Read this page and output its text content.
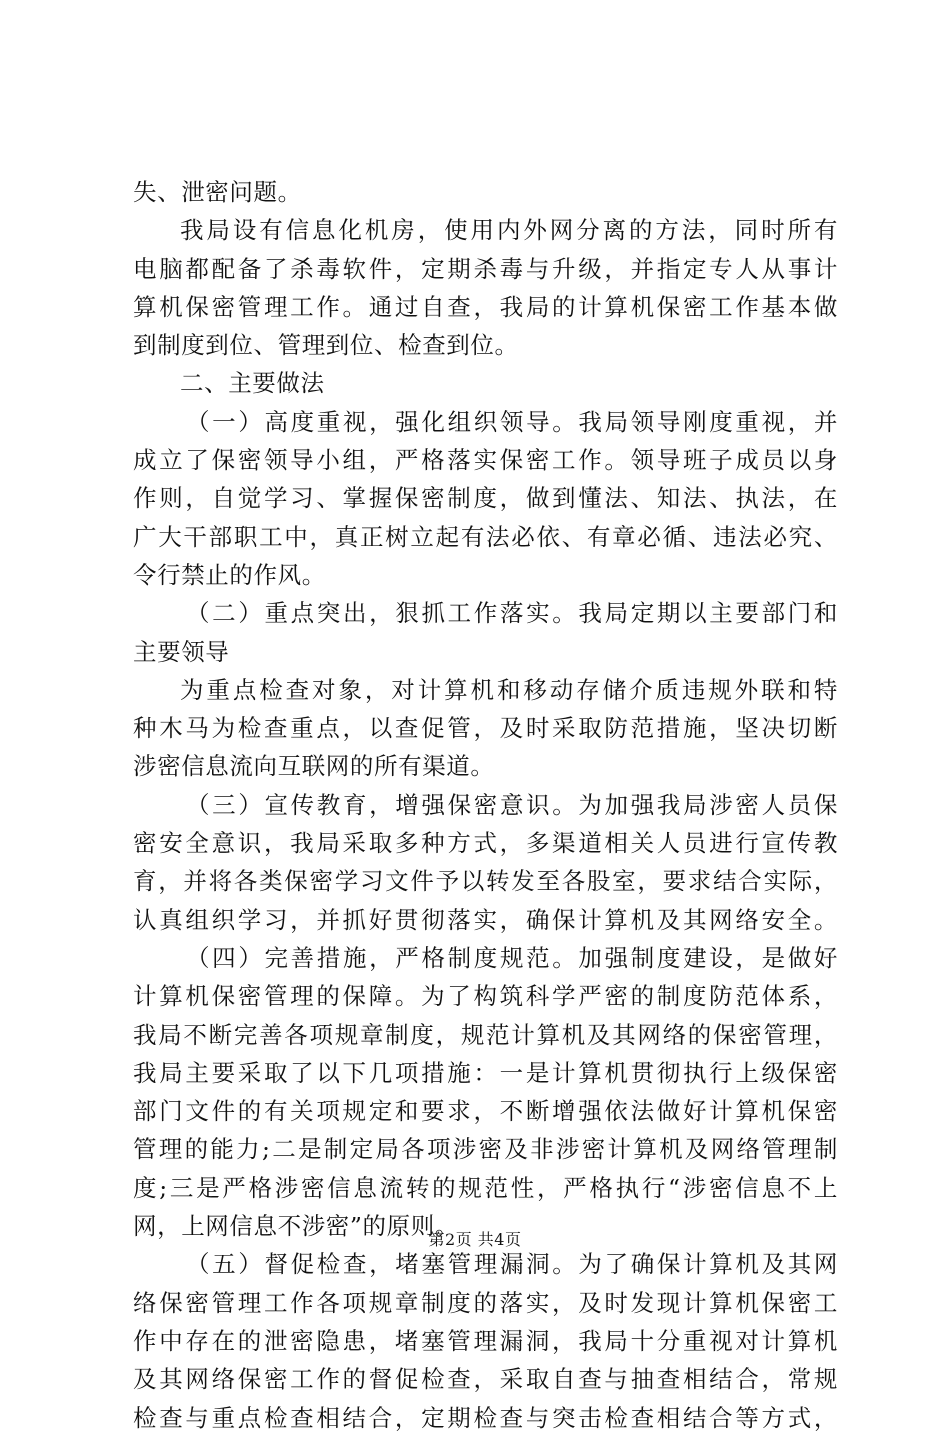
失、泄密问题。
我局设有信息化机房，使用内外网分离的方法，同时所有
电脑都配备了杀毒软件，定期杀毒与升级，并指定专人从事计
算机保密管理工作。通过自查，我局的计算机保密工作基本做
到制度到位、管理到位、检查到位。
二、主要做法
（一）高度重视，强化组织领导。我局领导刚度重视，并
成立了保密领导小组，严格落实保密工作。领导班子成员以身
作则，自觉学习、掌握保密制度，做到懂法、知法、执法，在
广大干部职工中，真正树立起有法必依、有章必循、违法必究、
令行禁止的作风。
（二）重点突出，狠抓工作落实。我局定期以主要部门和
主要领导
为重点检查对象，对计算机和移动存储介质违规外联和特
种木马为检查重点，以查促管，及时采取防范措施，坚决切断
涉密信息流向互联网的所有渠道。
（三）宣传教育，增强保密意识。为加强我局涉密人员保
密安全意识，我局采取多种方式，多渠道相关人员进行宣传教
育，并将各类保密学习文件予以转发至各股室，要求结合实际，
认真组织学习，并抓好贯彻落实，确保计算机及其网络安全。
（四）完善措施，严格制度规范。加强制度建设，是做好
计算机保密管理的保障。为了构筑科学严密的制度防范体系，
我局不断完善各项规章制度，规范计算机及其网络的保密管理，
我局主要采取了以下几项措施：一是计算机贯彻执行上级保密
部门文件的有关项规定和要求，不断增强依法做好计算机保密
管理的能力;二是制定局各项涉密及非涉密计算机及网络管理制
度;三是严格涉密信息流转的规范性，严格执行“涉密信息不上
网，上网信息不涉密”的原则。
（五）督促检查，堵塞管理漏洞。为了确保计算机及其网
络保密管理工作各项规章制度的落实，及时发现计算机保密工
作中存在的泄密隐患，堵塞管理漏洞，我局十分重视对计算机
及其网络保密工作的督促检查，采取自查与抽查相结合，常规
检查与重点检查相结合，定期检查与突击检查相结合等方式，
第2页 共4页
